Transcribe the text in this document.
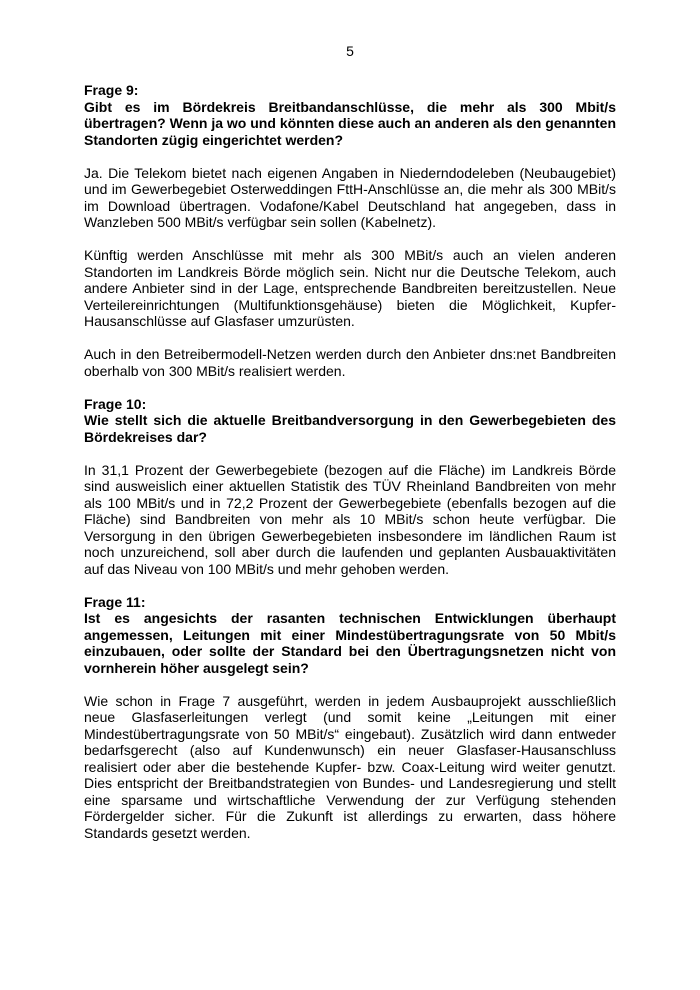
5

Frage 9:

Gibt es im Bördekreis Breitbandanschlüsse, die mehr als 300 Mbit/s übertragen? Wenn ja wo und könnten diese auch an anderen als den genannten Standorten zügig eingerichtet werden?

Ja. Die Telekom bietet nach eigenen Angaben in Niederndodeleben (Neubaugebiet) und im Gewerbegebiet Osterweddingen FttH-Anschlüsse an, die mehr als 300 MBit/s im Download übertragen. Vodafone/Kabel Deutschland hat angegeben, dass in Wanzleben 500 MBit/s verfügbar sein sollen (Kabelnetz).

Künftig werden Anschlüsse mit mehr als 300 MBit/s auch an vielen anderen Standorten im Landkreis Börde möglich sein. Nicht nur die Deutsche Telekom, auch andere Anbieter sind in der Lage, entsprechende Bandbreiten bereitzustellen. Neue Verteilereinrichtungen (Multifunktionsgehäuse) bieten die Möglichkeit, Kupfer-Hausanschlüsse auf Glasfaser umzurüsten.

Auch in den Betreibermodell-Netzen werden durch den Anbieter dns:net Bandbreiten oberhalb von 300 MBit/s realisiert werden.

Frage 10:

Wie stellt sich die aktuelle Breitbandversorgung in den Gewerbegebieten des Bördekreises dar?

In 31,1 Prozent der Gewerbegebiete (bezogen auf die Fläche) im Landkreis Börde sind ausweislich einer aktuellen Statistik des TÜV Rheinland Bandbreiten von mehr als 100 MBit/s und in 72,2 Prozent der Gewerbegebiete (ebenfalls bezogen auf die Fläche) sind Bandbreiten von mehr als 10 MBit/s schon heute verfügbar. Die Versorgung in den übrigen Gewerbegebieten insbesondere im ländlichen Raum ist noch unzureichend, soll aber durch die laufenden und geplanten Ausbauaktivitäten auf das Niveau von 100 MBit/s und mehr gehoben werden.

Frage 11:

Ist es angesichts der rasanten technischen Entwicklungen überhaupt angemessen, Leitungen mit einer Mindestübertragungsrate von 50 Mbit/s einzubauen, oder sollte der Standard bei den Übertragungsnetzen nicht von vornherein höher ausgelegt sein?

Wie schon in Frage 7 ausgeführt, werden in jedem Ausbauprojekt ausschließlich neue Glasfaserleitungen verlegt (und somit keine „Leitungen mit einer Mindestübertragungsrate von 50 MBit/s“ eingebaut). Zusätzlich wird dann entweder bedarfsgerecht (also auf Kundenwunsch) ein neuer Glasfaser-Hausanschluss realisiert oder aber die bestehende Kupfer- bzw. Coax-Leitung wird weiter genutzt. Dies entspricht der Breitbandstrategien von Bundes- und Landesregierung und stellt eine sparsame und wirtschaftliche Verwendung der zur Verfügung stehenden Fördergelder sicher. Für die Zukunft ist allerdings zu erwarten, dass höhere Standards gesetzt werden.
